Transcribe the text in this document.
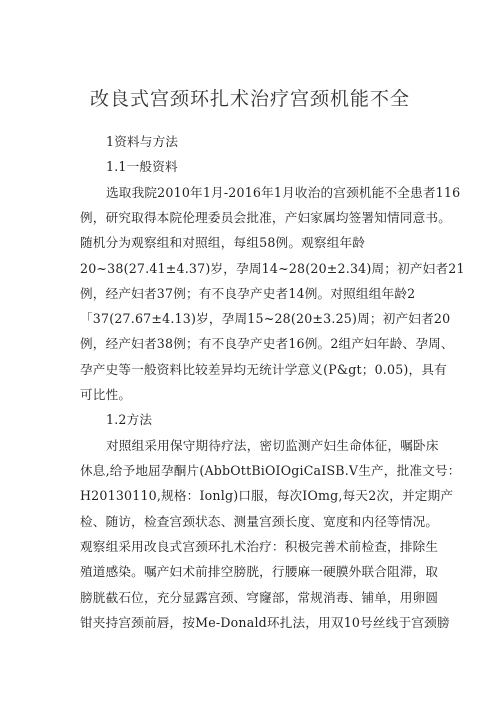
改良式宫颈环扎术治疗宫颈机能不全
1资料与方法
1.1一般资料
选取我院2010年1月-2016年1月收治的宫颈机能不全患者116
例，研究取得本院伦理委员会批准，产妇家属均签署知情同意书。
随机分为观察组和对照组，每组58例。观察组年龄
20~38(27.41±4.37)岁，孕周14~28(20±2.34)周；初产妇者21
例，经产妇者37例；有不良孕产史者14例。对照组组年龄2
「37(27.67±4.13)岁，孕周15~28(20±3.25)周；初产妇者20
例，经产妇者38例；有不良孕产史者16例。2组产妇年龄、孕周、
孕产史等一般资料比较差异均无统计学意义(P&gt；0.05)，具有
可比性。
1.2方法
对照组采用保守期待疗法，密切监测产妇生命体征，嘱卧床
休息,给予地屈孕酮片(AbbOttBiOIOgiCaISB.V生产，批准文号：
H20130110,规格：Ionlg)口服，每次IOmg,每天2次，并定期产
检、随访，检查宫颈状态、测量宫颈长度、宽度和内径等情况。
观察组采用改良式宫颈环扎术治疗：积极完善术前检查，排除生
殖道感染。嘱产妇术前排空膀胱，行腰麻一硬膜外联合阻滞，取
膀胱截石位，充分显露宫颈、穹窿部，常规消毒、铺单，用卵圆
钳夹持宫颈前唇，按Me-Donald环扎法，用双10号丝线于宫颈膀
